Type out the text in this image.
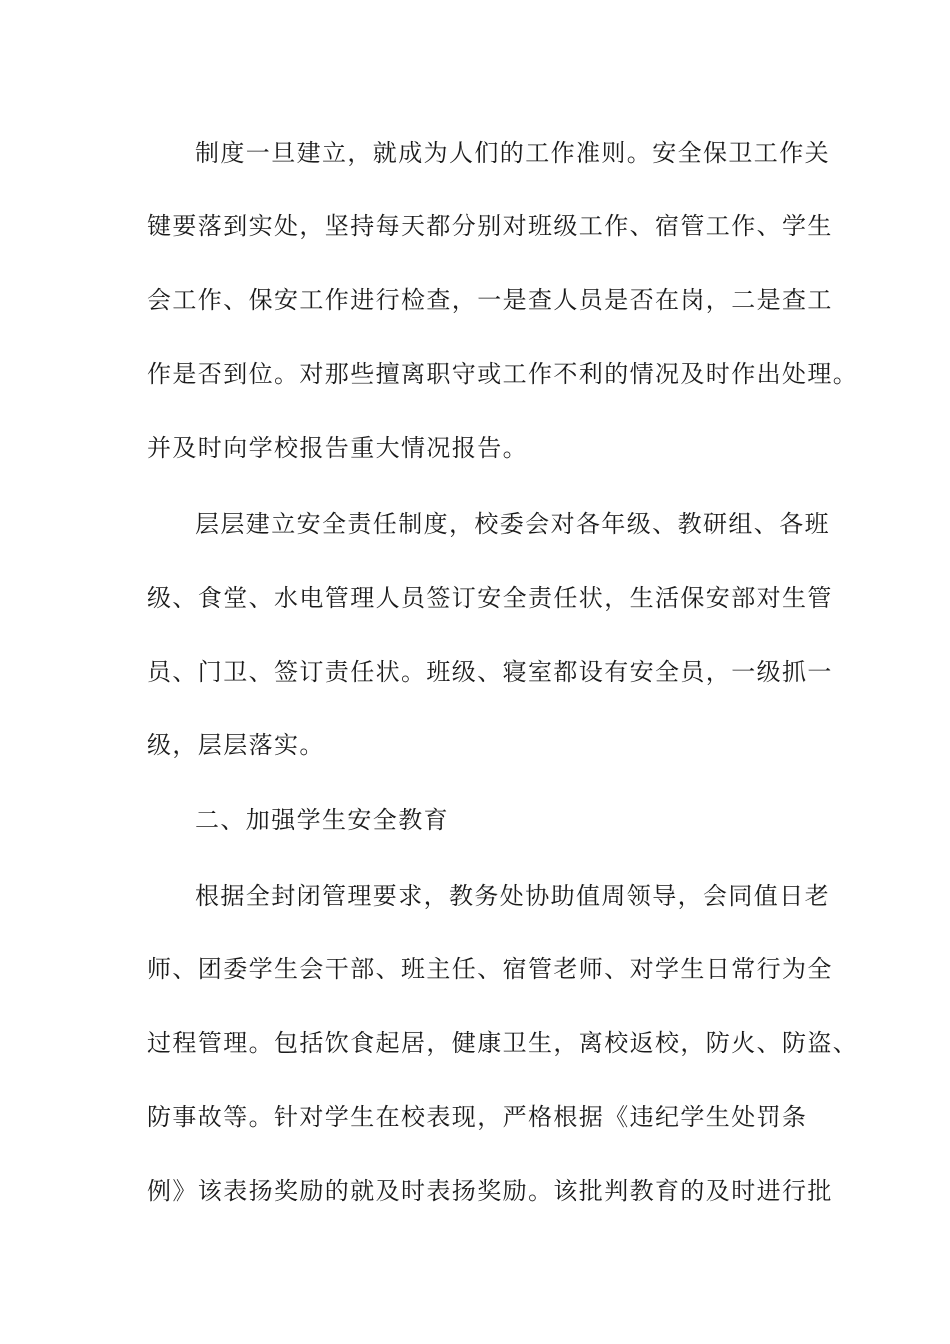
制度一旦建立，就成为人们的工作准则。安全保卫工作关
键要落到实处，坚持每天都分别对班级工作、宿管工作、学生
会工作、保安工作进行检查，一是查人员是否在岗，二是查工
作是否到位。对那些擅离职守或工作不利的情况及时作出处理。
并及时向学校报告重大情况报告。
层层建立安全责任制度，校委会对各年级、教研组、各班
级、食堂、水电管理人员签订安全责任状，生活保安部对生管
员、门卫、签订责任状。班级、寝室都设有安全员，一级抓一
级，层层落实。
二、加强学生安全教育
根据全封闭管理要求，教务处协助值周领导，会同值日老
师、团委学生会干部、班主任、宿管老师、对学生日常行为全
过程管理。包括饮食起居，健康卫生，离校返校，防火、防盗、
防事故等。针对学生在校表现，严格根据《违纪学生处罚条
例》该表扬奖励的就及时表扬奖励。该批判教育的及时进行批
